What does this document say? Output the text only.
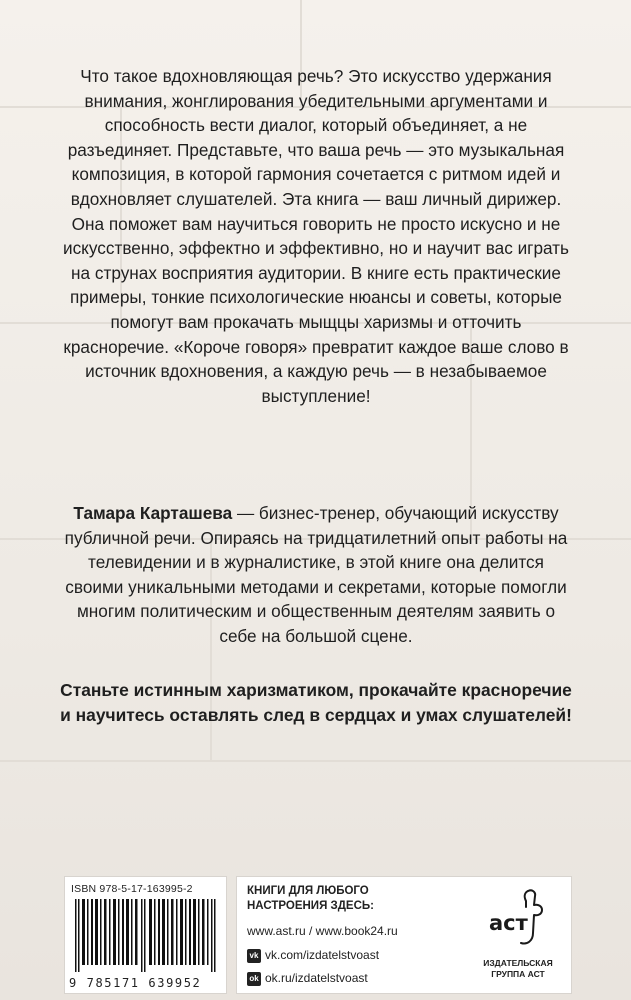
Что такое вдохновляющая речь? Это искусство удержания внимания, жонглирования убедительными аргументами и способность вести диалог, который объединяет, а не разъединяет. Представьте, что ваша речь — это музыкальная композиция, в которой гармония сочетается с ритмом идей и вдохновляет слушателей. Эта книга — ваш личный дирижер. Она поможет вам научиться говорить не просто искусно и не искусственно, эффектно и эффективно, но и научит вас играть на струнах восприятия аудитории. В книге есть практические примеры, тонкие психологические нюансы и советы, которые помогут вам прокачать мыщцы харизмы и отточить красноречие. «Короче говоря» превратит каждое ваше слово в источник вдохновения, а каждую речь — в незабываемое выступление!

Тамара Карташева — бизнес-тренер, обучающий искусству публичной речи. Опираясь на тридцатилетний опыт работы на телевидении и в журналистике, в этой книге она делится своими уникальными методами и секретами, которые помогли многим политическим и общественным деятелям заявить о себе на большой сцене.

Станьте истинным харизматиком, прокачайте красноречие и научитесь оставлять след в сердцах и умах слушателей!

ISBN 978-5-17-163995-2
9 785171 639952

КНИГИ ДЛЯ ЛЮБОГО
НАСТРОЕНИЯ ЗДЕСЬ:

www.ast.ru / www.book24.ru
vk vk.com/izdatelstvoast
ok ok.ru/izdatelstvoast
аст
ИЗДАТЕЛЬСКАЯ
ГРУППА АСТ
